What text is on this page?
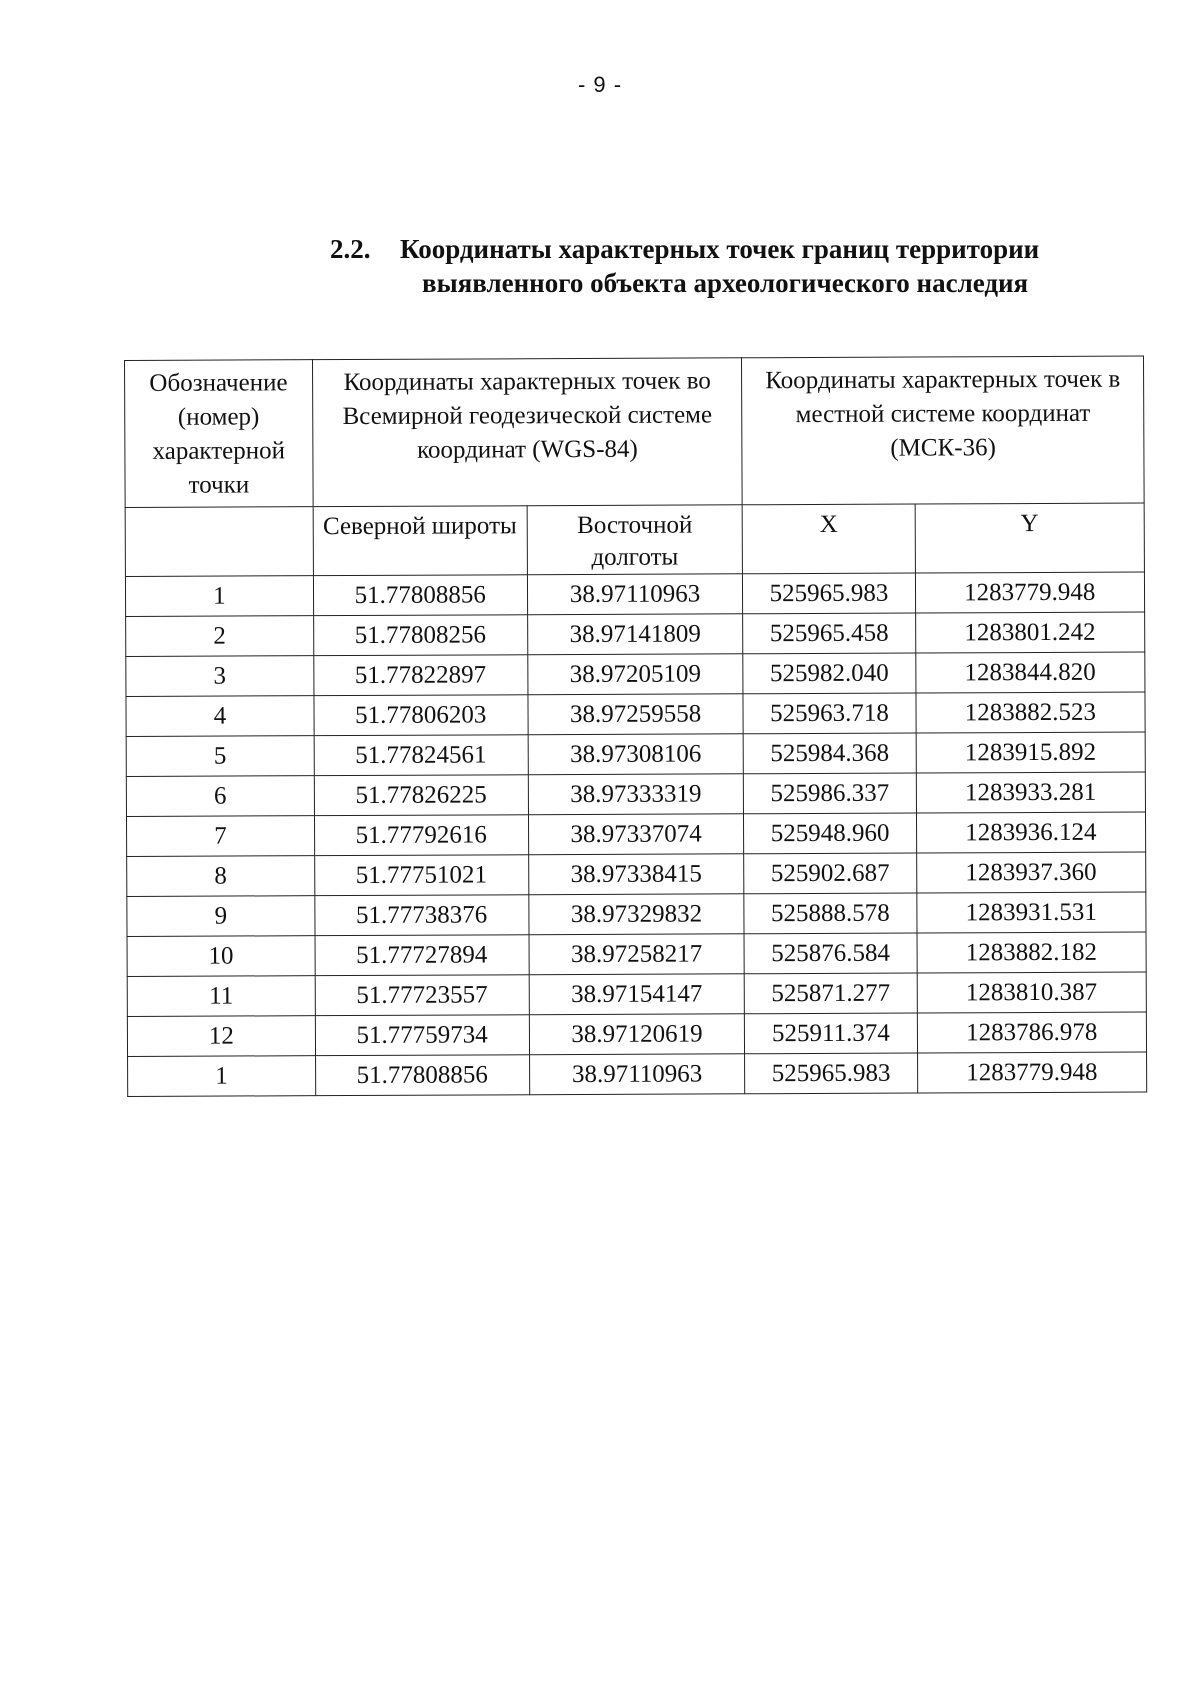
- 9 -
2.2. Координаты характерных точек границ территории
выявленного объекта археологического наследия
Обозначение (номер) характерной точки	Координаты характерных точек во Всемирной геодезической системе координат (WGS-84)		Координаты характерных точек в местной системе координат (МСК-36)	
	Северной широты	Восточной долготы	X	Y
1	51.77808856	38.97110963	525965.983	1283779.948
2	51.77808256	38.97141809	525965.458	1283801.242
3	51.77822897	38.97205109	525982.040	1283844.820
4	51.77806203	38.97259558	525963.718	1283882.523
5	51.77824561	38.97308106	525984.368	1283915.892
6	51.77826225	38.97333319	525986.337	1283933.281
7	51.77792616	38.97337074	525948.960	1283936.124
8	51.77751021	38.97338415	525902.687	1283937.360
9	51.77738376	38.97329832	525888.578	1283931.531
10	51.77727894	38.97258217	525876.584	1283882.182
11	51.77723557	38.97154147	525871.277	1283810.387
12	51.77759734	38.97120619	525911.374	1283786.978
1	51.77808856	38.97110963	525965.983	1283779.948
